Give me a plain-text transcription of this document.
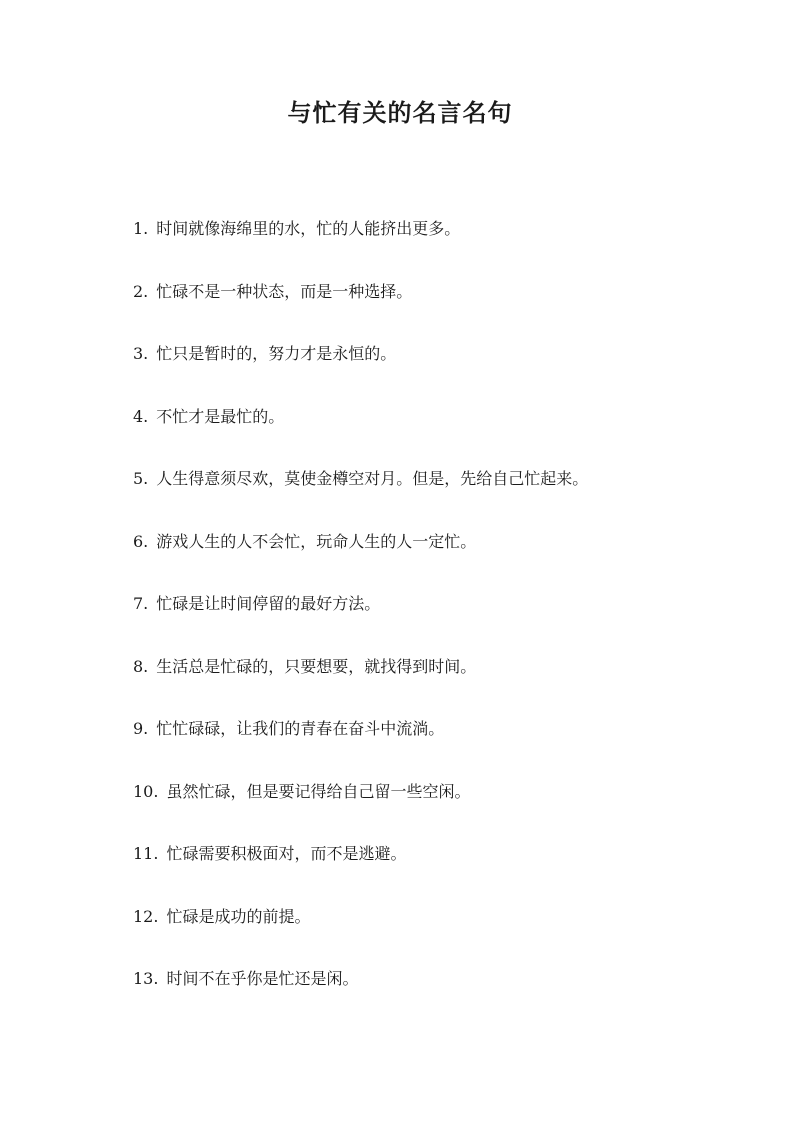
与忙有关的名言名句
1. 时间就像海绵里的水，忙的人能挤出更多。
2. 忙碌不是一种状态，而是一种选择。
3. 忙只是暂时的，努力才是永恒的。
4. 不忙才是最忙的。
5. 人生得意须尽欢，莫使金樽空对月。但是，先给自己忙起来。
6. 游戏人生的人不会忙，玩命人生的人一定忙。
7. 忙碌是让时间停留的最好方法。
8. 生活总是忙碌的，只要想要，就找得到时间。
9. 忙忙碌碌，让我们的青春在奋斗中流淌。
10. 虽然忙碌，但是要记得给自己留一些空闲。
11. 忙碌需要积极面对，而不是逃避。
12. 忙碌是成功的前提。
13. 时间不在乎你是忙还是闲。
